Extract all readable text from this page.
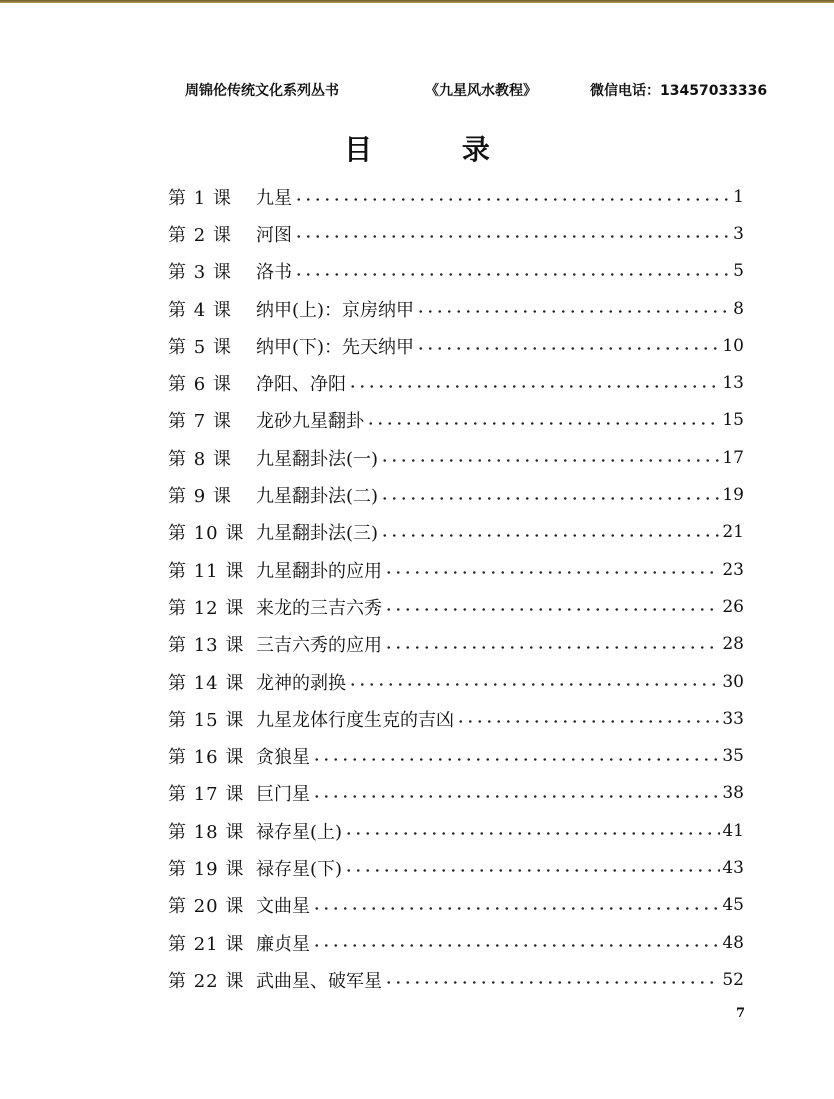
周锦伦传统文化系列丛书	《九星风水教程》	微信电话：13457033336
目 录
第 1 课	九星	1
第 2 课	河图	3
第 3 课	洛书	5
第 4 课	纳甲(上)：京房纳甲	8
第 5 课	纳甲(下)：先天纳甲	10
第 6 课	净阳、净阳	13
第 7 课	龙砂九星翻卦	15
第 8 课	九星翻卦法(一)	17
第 9 课	九星翻卦法(二)	19
第 10 课 九星翻卦法(三)	21
第 11 课 九星翻卦的应用	23
第 12 课 来龙的三吉六秀	26
第 13 课 三吉六秀的应用	28
第 14 课 龙神的剥换	30
第 15 课 九星龙体行度生克的吉凶	33
第 16 课 贪狼星	35
第 17 课 巨门星	38
第 18 课 禄存星(上)	41
第 19 课 禄存星(下)	43
第 20 课 文曲星	45
第 21 课 廉贞星	48
第 22 课 武曲星、破军星	52
7
